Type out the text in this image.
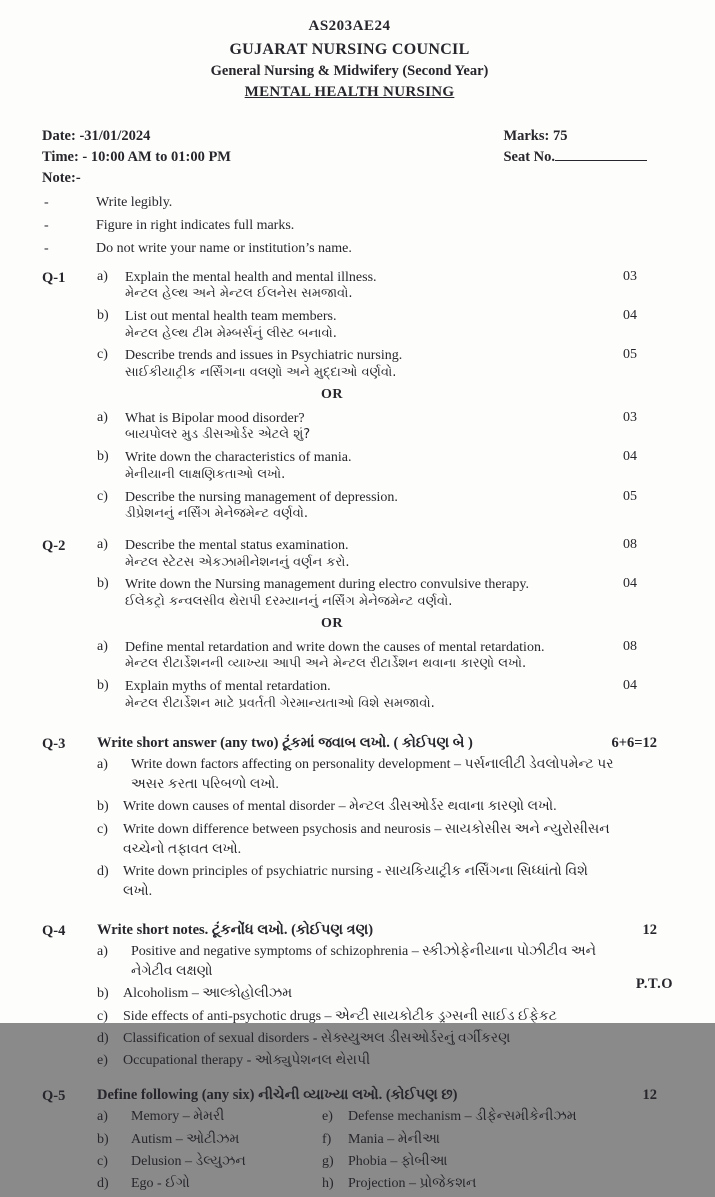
AS203AE24
GUJARAT NURSING COUNCIL
General Nursing & Midwifery (Second Year)
MENTAL HEALTH NURSING
Date: -31/01/2024
Time: - 10:00 AM to 01:00 PM
Note:-
Marks: 75
Seat No.
-	Write legibly.
-	Figure in right indicates full marks.
-	Do not write your name or institution’s name.
Q-1	a)	Explain the mental health and mental illness.
મેન્ટલ હેલ્થ અને મેન્ટલ ઈલનેસ સમજાવો.
03
b)	List out mental health team members.
મેન્ટલ હેલ્થ ટીમ મેમ્બર્સનું લીસ્ટ બનાવો.
04
c)	Describe trends and issues in Psychiatric nursing.
સાઈકીયાટ્રીક નર્સિંગના વલણો અને મુદ્દાઓ વર્ણવો.
05
OR
a)	What is Bipolar mood disorder?
બાયપોલર મુડ ડીસઓર્ડર એટલે શું?
03
b)	Write down the characteristics of mania.
મેનીયાની લાક્ષણિકતાઓ લખો.
04
c)	Describe the nursing management of depression.
ડીપ્રેશનનું નર્સિંગ મેનેજમેન્ટ વર્ણવો.
05
Q-2	a)	Describe the mental status examination.
મેન્ટલ સ્ટેટસ એકઝામીનેશનનું વર્ણન કરો.
08
b)	Write down the Nursing management during electro convulsive therapy.
ઈલેકટ્રો કન્વલસીવ થેરાપી દરમ્યાનનું નર્સિંગ મેનેજમેન્ટ વર્ણવો.
04
OR
a)	Define mental retardation and write down the causes of mental retardation.
મેન્ટલ રીટાર્ડેશનની વ્યાખ્યા આપી અને મેન્ટલ રીટાર્ડેશન થવાના કારણો લખો.
08
b)	Explain myths of mental retardation.
મેન્ટલ રીટાર્ડેશન માટે પ્રવર્તતી ગેરમાન્યતાઓ વિશે સમજાવો.
04
Q-3	Write short answer (any two) ટૂંકમાં જવાબ લખો. ( કોઈપણ બે )	6+6=12
a)	Write down factors affecting on personality development – પર્સનાલીટી ડેવલોપમેન્ટ પર અસર કરતા પરિબળો લખો.
b)	Write down causes of mental disorder – મેન્ટલ ડીસઓર્ડર થવાના કારણો લખો.
c)	Write down difference between psychosis and neurosis – સાયકોસીસ અને ન્યુરોસીસન વચ્ચેનો તફાવત લખો.
d)	Write down principles of psychiatric nursing - સાયકિયાટ્રીક નર્સિંગના સિધ્ધાંતો વિશે લખો.
Q-4	Write short notes. ટૂંકનોંધ લખો. (કોઈપણ ત્રણ)	12
a)	Positive and negative symptoms of schizophrenia – સ્કીઝોફેનીયાના પોઝીટીવ અને નેગેટીવ લક્ષણો
b)	Alcoholism – આલ્કોહોલીઝમ
c)	Side effects of anti-psychotic drugs – એન્ટી સાયકોટીક ડ્રગ્સની સાઈડ ઈફેકટ
d)	Classification of sexual disorders - સેક્સ્યુઅલ ડીસઓર્ડરનું વર્ગીકરણ
e)	Occupational therapy - ઓક્યુપેશનલ થેરાપી
Q-5	Define following (any six) નીચેની વ્યાખ્યા લખો. (કોઈપણ છ)	12
a)	Memory – મેમરી
b)	Autism – ઓટીઝમ
c)	Delusion – ડેલ્યુઝન
d)	Ego - ઈગો
e)	Defense mechanism – ડીફેન્સમીકેનીઝમ
f)	Mania – મેનીઆ
g)	Phobia – ફોબીઆ
h)	Projection – પ્રોજેકશન
P.T.O
